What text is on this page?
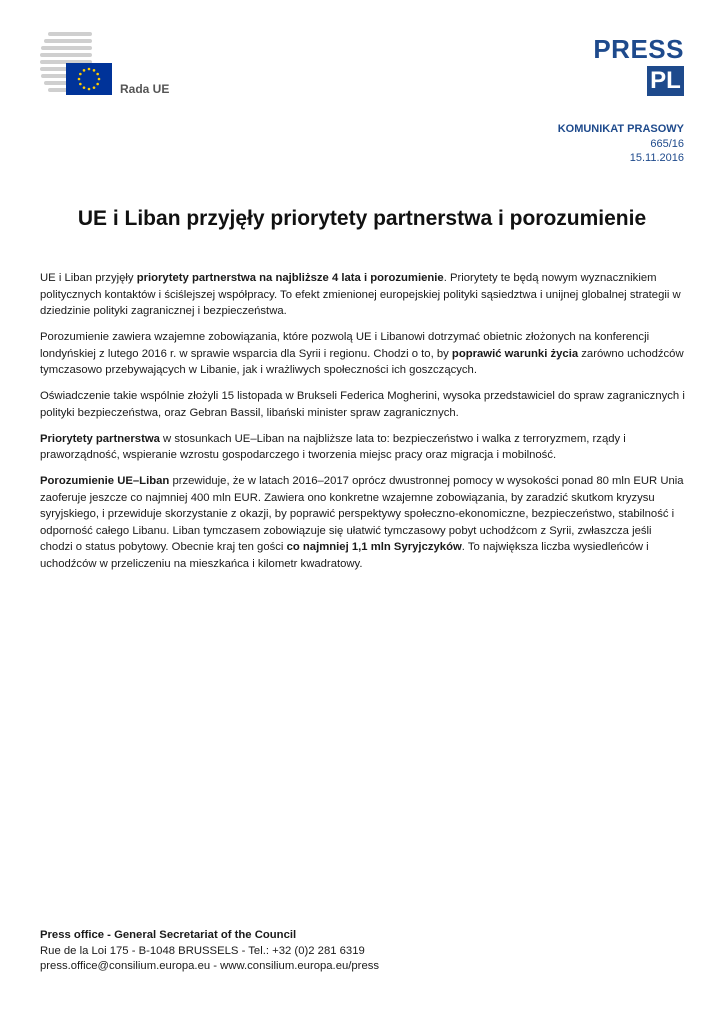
Rada UE
PRESS
PL
KOMUNIKAT PRASOWY
665/16
15.11.2016
UE i Liban przyjęły priorytety partnerstwa i porozumienie

UE i Liban przyjęły priorytety partnerstwa na najbliższe 4 lata i porozumienie. Priorytety te będą nowym wyznacznikiem politycznych kontaktów i ściślejszej współpracy. To efekt zmienionej europejskiej polityki sąsiedztwa i unijnej globalnej strategii w dziedzinie polityki zagranicznej i bezpieczeństwa.

Porozumienie zawiera wzajemne zobowiązania, które pozwolą UE i Libanowi dotrzymać obietnic złożonych na konferencji londyńskiej z lutego 2016 r. w sprawie wsparcia dla Syrii i regionu. Chodzi o to, by poprawić warunki życia zarówno uchodźców tymczasowo przebywających w Libanie, jak i wrażliwych społeczności ich goszczących.

Oświadczenie takie wspólnie złożyli 15 listopada w Brukseli Federica Mogherini, wysoka przedstawiciel do spraw zagranicznych i polityki bezpieczeństwa, oraz Gebran Bassil, libański minister spraw zagranicznych.

Priorytety partnerstwa w stosunkach UE–Liban na najbliższe lata to: bezpieczeństwo i walka z terroryzmem, rządy i praworządność, wspieranie wzrostu gospodarczego i tworzenia miejsc pracy oraz migracja i mobilność.

Porozumienie UE–Liban przewiduje, że w latach 2016–2017 oprócz dwustronnej pomocy w wysokości ponad 80 mln EUR Unia zaoferuje jeszcze co najmniej 400 mln EUR. Zawiera ono konkretne wzajemne zobowiązania, by zaradzić skutkom kryzysu syryjskiego, i przewiduje skorzystanie z okazji, by poprawić perspektywy społeczno-ekonomiczne, bezpieczeństwo, stabilność i odporność całego Libanu. Liban tymczasem zobowiązuje się ułatwić tymczasowy pobyt uchodźcom z Syrii, zwłaszcza jeśli chodzi o status pobytowy. Obecnie kraj ten gości co najmniej 1,1 mln Syryjczyków. To największa liczba wysiedleńców i uchodźców w przeliczeniu na mieszkańca i kilometr kwadratowy.

Press office - General Secretariat of the Council
Rue de la Loi 175 - B-1048 BRUSSELS - Tel.: +32 (0)2 281 6319
press.office@consilium.europa.eu - www.consilium.europa.eu/press
